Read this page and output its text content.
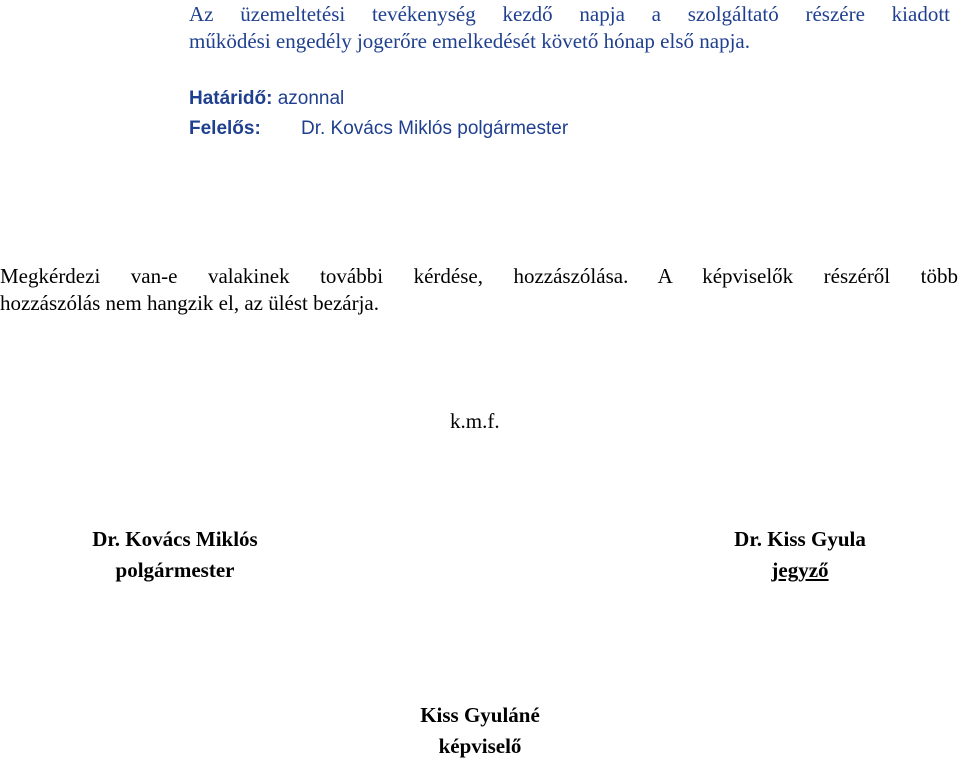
Az üzemeltetési tevékenység kezdő napja a szolgáltató részére kiadott
működési engedély jogerőre emelkedését követő hónap első napja.
Határidő: azonnal
Felelős: Dr. Kovács Miklós polgármester
Megkérdezi van-e valakinek további kérdése, hozzászólása. A képviselők részéről több
hozzászólás nem hangzik el, az ülést bezárja.
k.m.f.
Dr. Kovács Miklós
polgármester
Dr. Kiss Gyula
jegyző
Kiss Gyuláné
képviselő
